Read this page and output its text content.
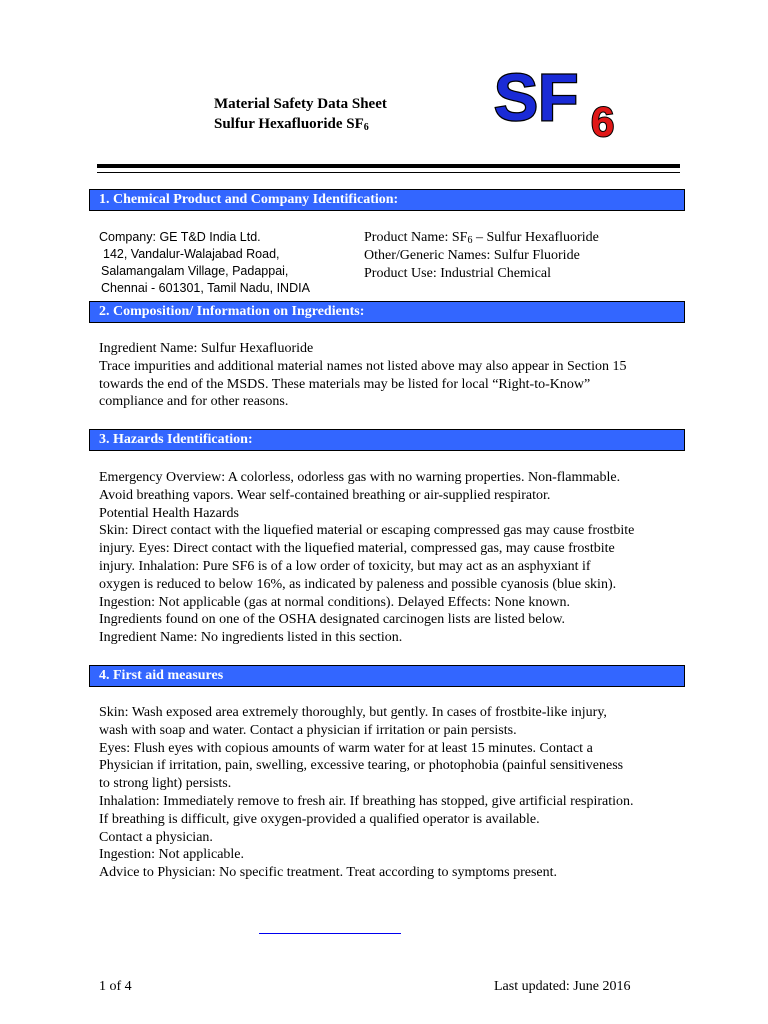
Material Safety Data Sheet
Sulfur Hexafluoride $SF_6$ SF 6
1. Chemical Product and Company Identification:
Company: GE T&D India Ltd.
142, Vandalur-Walajabad Road,
Salamangalam Village, Padappai,
Chennai - 601301, Tamil Nadu, INDIA
Product Name: $SF_6$ – Sulfur Hexafluoride
Other/Generic Names: Sulfur Fluoride
Product Use: Industrial Chemical
2. Composition/ Information on Ingredients:
Ingredient Name: Sulfur Hexafluoride
Trace impurities and additional material names not listed above may also appear in Section 15
towards the end of the MSDS. These materials may be listed for local “Right-to-Know”
compliance and for other reasons.
3. Hazards Identification:
Emergency Overview: A colorless, odorless gas with no warning properties. Non-flammable.
Avoid breathing vapors. Wear self-contained breathing or air-supplied respirator.
Potential Health Hazards
Skin: Direct contact with the liquefied material or escaping compressed gas may cause frostbite
injury. Eyes: Direct contact with the liquefied material, compressed gas, may cause frostbite
injury. Inhalation: Pure SF6 is of a low order of toxicity, but may act as an asphyxiant if
oxygen is reduced to below 16%, as indicated by paleness and possible cyanosis (blue skin).
Ingestion: Not applicable (gas at normal conditions). Delayed Effects: None known.
Ingredients found on one of the OSHA designated carcinogen lists are listed below.
Ingredient Name: No ingredients listed in this section.
4. First aid measures
Skin: Wash exposed area extremely thoroughly, but gently. In cases of frostbite-like injury,
wash with soap and water. Contact a physician if irritation or pain persists.
Eyes: Flush eyes with copious amounts of warm water for at least 15 minutes. Contact a
Physician if irritation, pain, swelling, excessive tearing, or photophobia (painful sensitiveness
to strong light) persists.
Inhalation: Immediately remove to fresh air. If breathing has stopped, give artificial respiration.
If breathing is difficult, give oxygen-provided a qualified operator is available.
Contact a physician.
Ingestion: Not applicable.
Advice to Physician: No specific treatment. Treat according to symptoms present.
1 of 4	Last updated: June 2016
